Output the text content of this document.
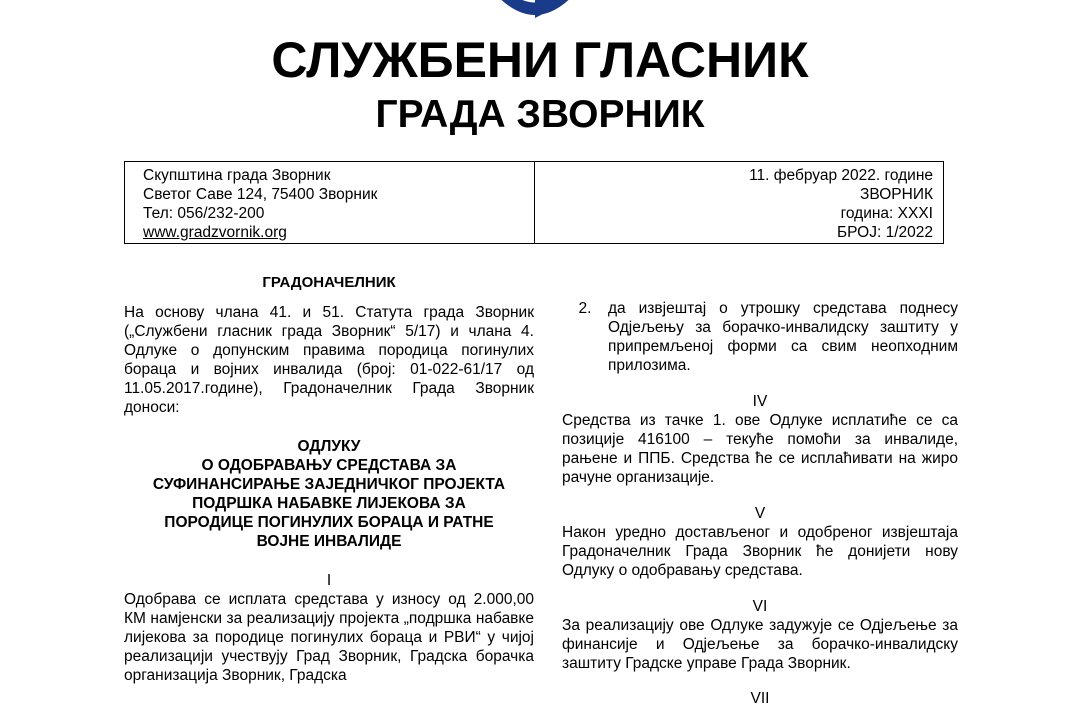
СЛУЖБЕНИ ГЛАСНИК
ГРАДА ЗВОРНИК
Скупштина града Зворник
Светог Саве 124, 75400 Зворник
Тел: 056/232-200
www.gradzvornik.org
11. фебруар 2022. године
ЗВОРНИК
година: XXXI
БРОЈ: 1/2022
ГРАДОНАЧЕЛНИК

На основу члана 41. и 51. Статута града Зворник („Службени гласник града Зворник“ 5/17) и члана 4. Одлуке о допунским правима породица погинулих бораца и војних инвалида (број: 01-022-61/17 од 11.05.2017.године), Градоначелник Града Зворник доноси:

ОДЛУКУ

О ОДОБРАВАЊУ СРЕДСТАВА ЗА СУФИНАНСИРАЊЕ ЗАЈЕДНИЧКОГ ПРОЈЕКТА ПОДРШКА НАБАВКЕ ЛИЈЕКОВА ЗА ПОРОДИЦЕ ПОГИНУЛИХ БОРАЦА И РАТНЕ ВОЈНЕ ИНВАЛИДЕ

I

Одобрава се исплата средстава у износу од 2.000,00 КМ намјенски за реализацију пројекта „подршка набавке лијекова за породице погинулих бораца и РВИ“ у чијој реализацији учествују Град Зворник, Градска борачка организација Зворник, Градска

2.	да извјештај о утрошку средстава поднесу Одјељењу за борачко-инвалидску заштиту у припремљеној форми са свим неопходним прилозима.

IV

Средства из тачке 1. ове Одлуке исплатиће се са позиције 416100 – текуће помоћи за инвалиде, рањене и ППБ. Средства ће се исплаћивати на жиро рачуне организације.

V

Након уредно достављеног и одобреног извјештаја Градоначелник Града Зворник ће донијети нову Одлуку о одобравању средстава.

VI

За реализацију ове Одлуке задужује се Одјељење за финансије и Одјељење за борачко-инвалидску заштиту Градске управе Града Зворник.

VII
